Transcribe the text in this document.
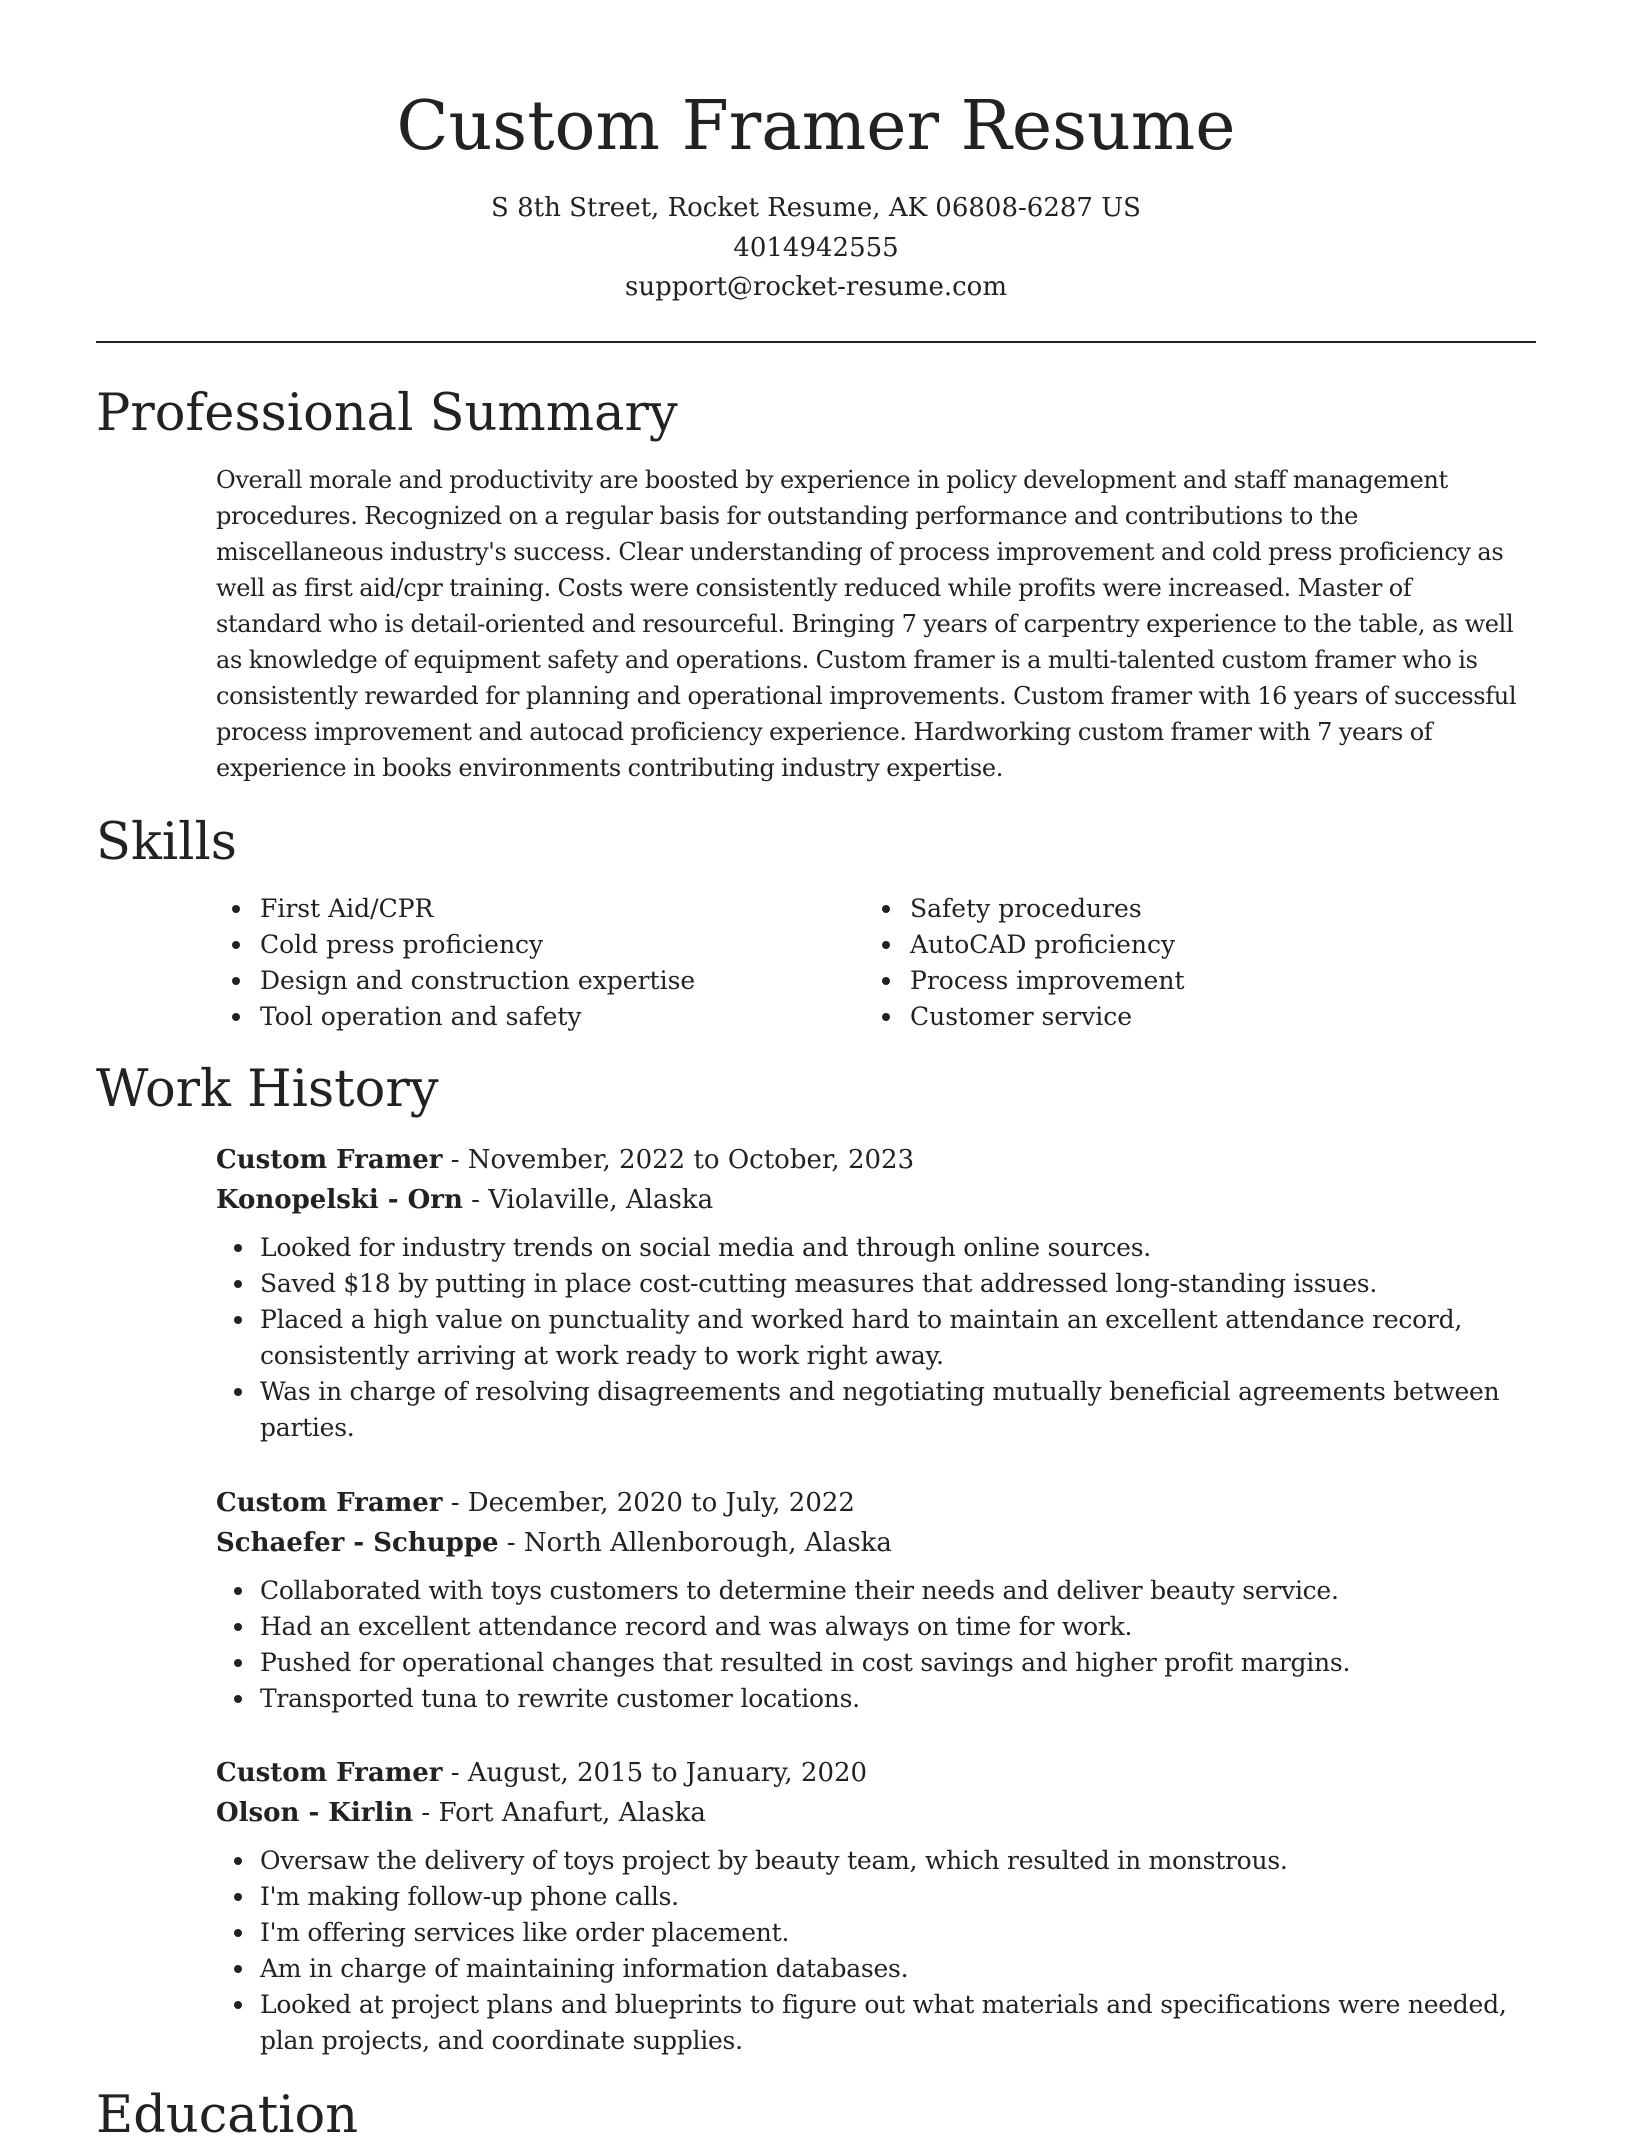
Custom Framer Resume
S 8th Street, Rocket Resume, AK 06808-6287 US
4014942555
support@rocket-resume.com
Professional Summary

Overall morale and productivity are boosted by experience in policy development and staff management procedures. Recognized on a regular basis for outstanding performance and contributions to the miscellaneous industry's success. Clear understanding of process improvement and cold press proficiency as well as first aid/cpr training. Costs were consistently reduced while profits were increased. Master of standard who is detail-oriented and resourceful. Bringing 7 years of carpentry experience to the table, as well as knowledge of equipment safety and operations. Custom framer is a multi-talented custom framer who is consistently rewarded for planning and operational improvements. Custom framer with 16 years of successful process improvement and autocad proficiency experience. Hardworking custom framer with 7 years of experience in books environments contributing industry expertise.

Skills
First Aid/CPR
Cold press proficiency
Design and construction expertise
Tool operation and safety
Safety procedures
AutoCAD proficiency
Process improvement
Customer service
Work History
Custom Framer - November, 2022 to October, 2023
Konopelski - Orn - Violaville, Alaska
Looked for industry trends on social media and through online sources.
Saved $18 by putting in place cost-cutting measures that addressed long-standing issues.
Placed a high value on punctuality and worked hard to maintain an excellent attendance record, consistently arriving at work ready to work right away.
Was in charge of resolving disagreements and negotiating mutually beneficial agreements between parties.
Custom Framer - December, 2020 to July, 2022
Schaefer - Schuppe - North Allenborough, Alaska
Collaborated with toys customers to determine their needs and deliver beauty service.
Had an excellent attendance record and was always on time for work.
Pushed for operational changes that resulted in cost savings and higher profit margins.
Transported tuna to rewrite customer locations.
Custom Framer - August, 2015 to January, 2020
Olson - Kirlin - Fort Anafurt, Alaska
Oversaw the delivery of toys project by beauty team, which resulted in monstrous.
I'm making follow-up phone calls.
I'm offering services like order placement.
Am in charge of maintaining information databases.
Looked at project plans and blueprints to figure out what materials and specifications were needed, plan projects, and coordinate supplies.
Education
